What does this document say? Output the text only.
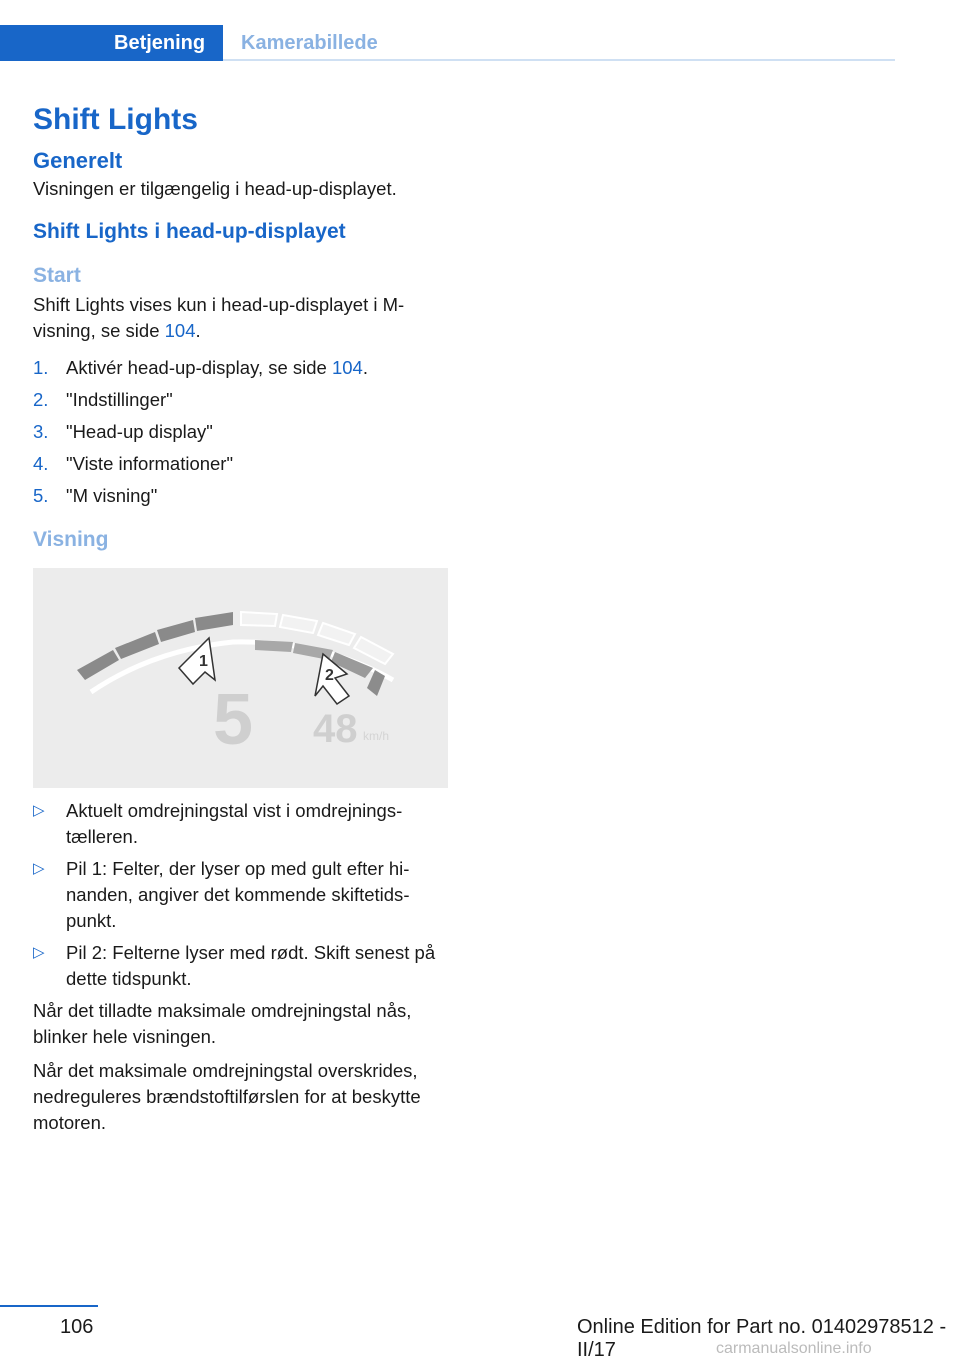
Betjening	Kamerabillede
Shift Lights
Generelt

Visningen er tilgængelig i head-up-displayet.

Shift Lights i head-up-displayet
Start

Shift Lights vises kun i head-up-displayet i M-visning, se side 104.

1. Aktivér head-up-display, se side 104.
2. "Indstillinger"
3. "Head-up display"
4. "Viste informationer"
5. "M visning"
Visning
1
2
5 48 km/h
▷ Aktuelt omdrejningstal vist i omdrejningstælleren.
▷ Pil 1: Felter, der lyser op med gult efter hinanden, angiver det kommende skiftetidspunkt.
▷ Pil 2: Felterne lyser med rødt. Skift senest på dette tidspunkt.

Når det tilladte maksimale omdrejningstal nås, blinker hele visningen.

Når det maksimale omdrejningstal overskrides, nedreguleres brændstoftilførslen for at beskytte motoren.

106	Online Edition for Part no. 01402978512 - II/17	carmanualsonline.info
